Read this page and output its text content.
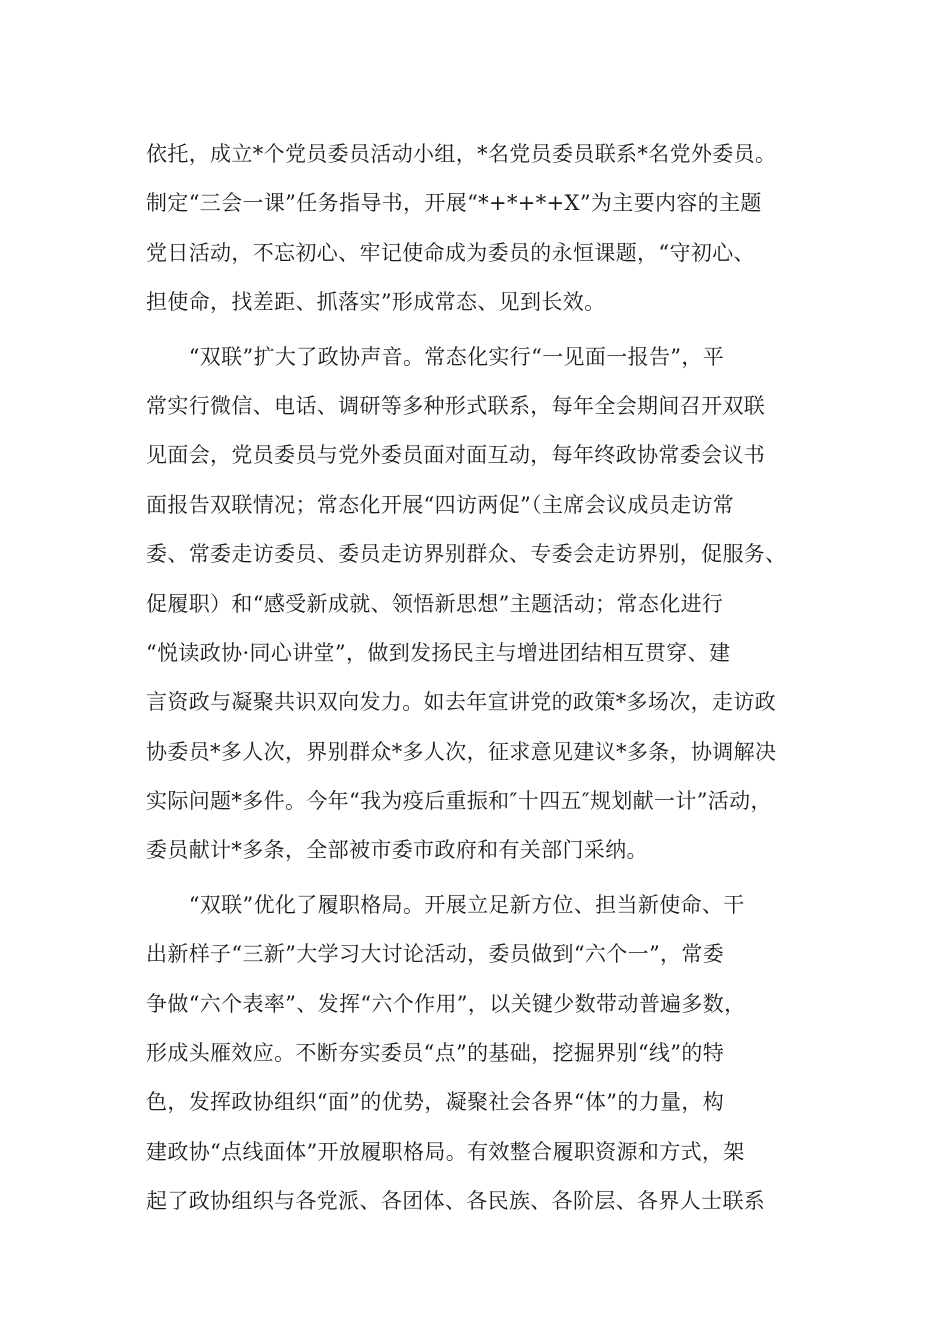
依托，成立*个党员委员活动小组，*名党员委员联系*名党外委员。
制定“三会一课”任务指导书，开展“*+*+*+X”为主要内容的主题
党日活动，不忘初心、牢记使命成为委员的永恒课题，“守初心、
担使命，找差距、抓落实”形成常态、见到长效。
　　“双联”扩大了政协声音。常态化实行“一见面一报告”，平
常实行微信、电话、调研等多种形式联系，每年全会期间召开双联
见面会，党员委员与党外委员面对面互动，每年终政协常委会议书
面报告双联情况；常态化开展“四访两促”（主席会议成员走访常
委、常委走访委员、委员走访界别群众、专委会走访界别，促服务、
促履职）和“感受新成就、领悟新思想”主题活动；常态化进行
“悦读政协·同心讲堂”，做到发扬民主与增进团结相互贯穿、建
言资政与凝聚共识双向发力。如去年宣讲党的政策*多场次，走访政
协委员*多人次，界别群众*多人次，征求意见建议*多条，协调解决
实际问题*多件。今年“我为疫后重振和″十四五″规划献一计”活动，
委员献计*多条，全部被市委市政府和有关部门采纳。
　　“双联”优化了履职格局。开展立足新方位、担当新使命、干
出新样子“三新”大学习大讨论活动，委员做到“六个一”，常委
争做“六个表率”、发挥“六个作用”，以关键少数带动普遍多数，
形成头雁效应。不断夯实委员“点”的基础，挖掘界别“线”的特
色，发挥政协组织“面”的优势，凝聚社会各界“体”的力量，构
建政协“点线面体”开放履职格局。有效整合履职资源和方式，架
起了政协组织与各党派、各团体、各民族、各阶层、各界人士联系
